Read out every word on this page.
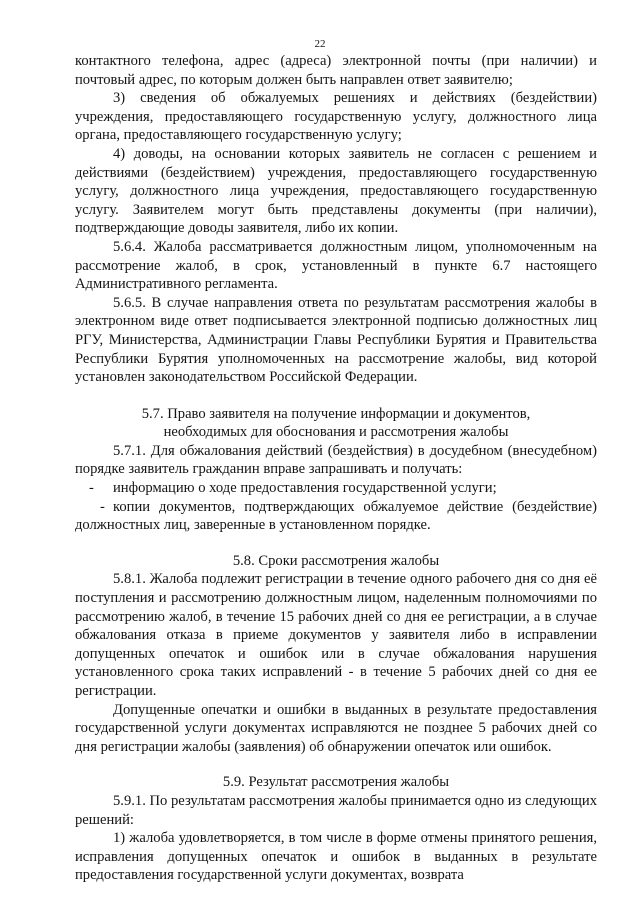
22

контактного телефона, адрес (адреса) электронной почты (при наличии) и почтовый адрес, по которым должен быть направлен ответ заявителю;

3) сведения об обжалуемых решениях и действиях (бездействии) учреждения, предоставляющего государственную услугу, должностного лица органа, предоставляющего государственную услугу;

4) доводы, на основании которых заявитель не согласен с решением и действиями (бездействием) учреждения, предоставляющего государственную услугу, должностного лица учреждения, предоставляющего государственную услугу. Заявителем могут быть представлены документы (при наличии), подтверждающие доводы заявителя, либо их копии.

5.6.4. Жалоба рассматривается должностным лицом, уполномоченным на рассмотрение жалоб, в срок, установленный в пункте 6.7 настоящего Административного регламента.

5.6.5. В случае направления ответа по результатам рассмотрения жалобы в электронном виде ответ подписывается электронной подписью должностных лиц РГУ, Министерства, Администрации Главы Республики Бурятия и Правительства Республики Бурятия уполномоченных на рассмотрение жалобы, вид которой установлен законодательством Российской Федерации.

5.7. Право заявителя на получение информации и документов,

необходимых для обоснования и рассмотрения жалобы

5.7.1. Для обжалования действий (бездействия) в досудебном (внесудебном) порядке заявитель гражданин вправе запрашивать и получать:

-	информацию о ходе предоставления государственной услуги;

- копии документов, подтверждающих обжалуемое действие (бездействие) должностных лиц, заверенные в установленном порядке.

5.8. Сроки рассмотрения жалобы

5.8.1. Жалоба подлежит регистрации в течение одного рабочего дня со дня её поступления и рассмотрению должностным лицом, наделенным полномочиями по рассмотрению жалоб, в течение 15 рабочих дней со дня ее регистрации, а в случае обжалования отказа в приеме документов у заявителя либо в исправлении допущенных опечаток и ошибок или в случае обжалования нарушения установленного срока таких исправлений - в течение 5 рабочих дней со дня ее регистрации.

Допущенные опечатки и ошибки в выданных в результате предоставления государственной услуги документах исправляются не позднее 5 рабочих дней со дня регистрации жалобы (заявления) об обнаружении опечаток или ошибок.

5.9. Результат рассмотрения жалобы

5.9.1. По результатам рассмотрения жалобы принимается одно из следующих решений:

1) жалоба удовлетворяется, в том числе в форме отмены принятого решения, исправления допущенных опечаток и ошибок в выданных в результате предоставления государственной услуги документах, возврата
